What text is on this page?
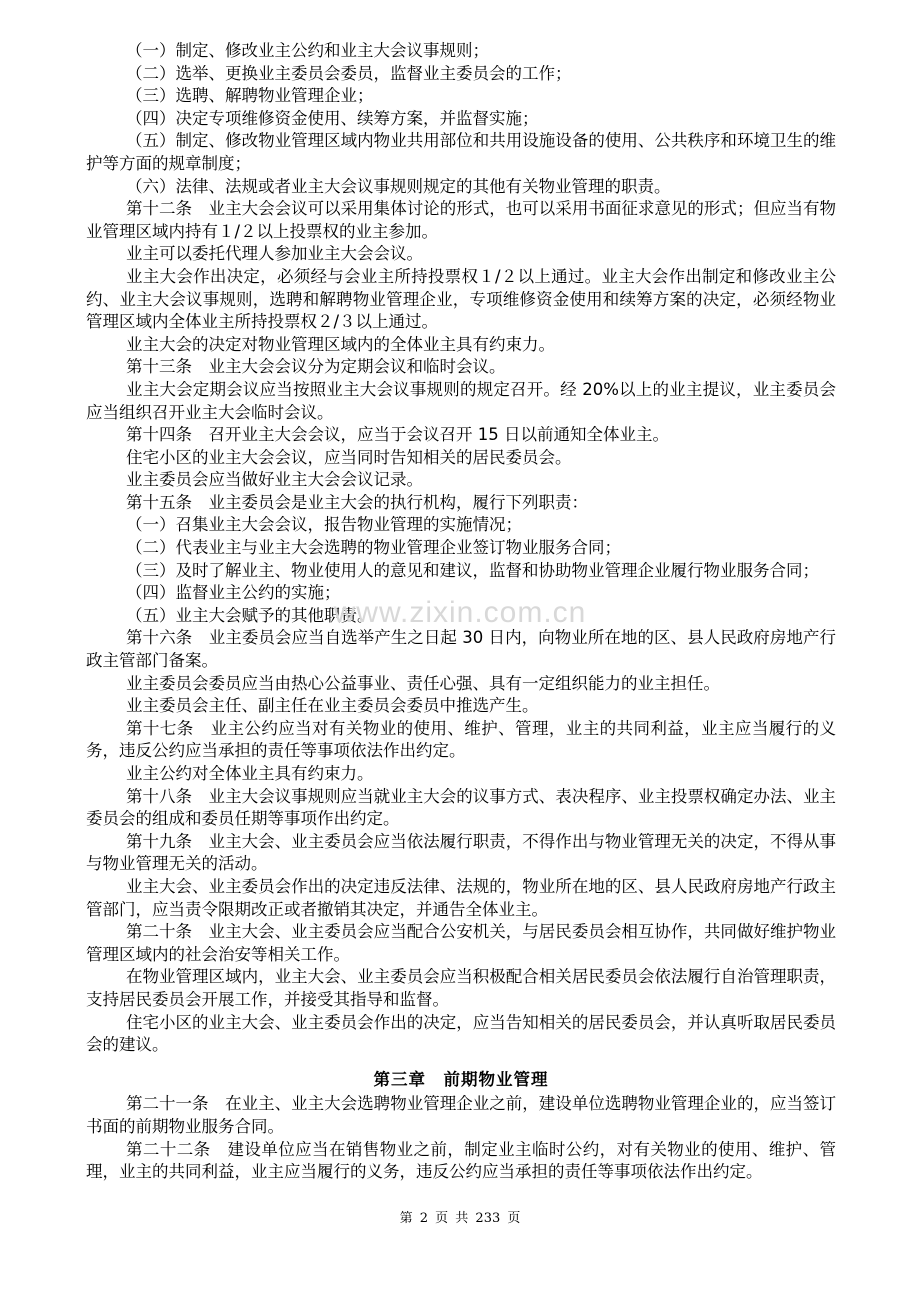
（一）制定、修改业主公约和业主大会议事规则；

（二）选举、更换业主委员会委员，监督业主委员会的工作；

（三）选聘、解聘物业管理企业；

（四）决定专项维修资金使用、续筹方案，并监督实施；

（五）制定、修改物业管理区域内物业共用部位和共用设施设备的使用、公共秩序和环境卫生的维护等方面的规章制度；

（六）法律、法规或者业主大会议事规则规定的其他有关物业管理的职责。

第十二条　业主大会会议可以采用集体讨论的形式，也可以采用书面征求意见的形式；但应当有物业管理区域内持有１/２以上投票权的业主参加。

业主可以委托代理人参加业主大会会议。

业主大会作出决定，必须经与会业主所持投票权１/２以上通过。业主大会作出制定和修改业主公约、业主大会议事规则，选聘和解聘物业管理企业，专项维修资金使用和续筹方案的决定，必须经物业管理区域内全体业主所持投票权２/３以上通过。

业主大会的决定对物业管理区域内的全体业主具有约束力。

第十三条　业主大会会议分为定期会议和临时会议。

业主大会定期会议应当按照业主大会议事规则的规定召开。经 20%以上的业主提议，业主委员会应当组织召开业主大会临时会议。

第十四条　召开业主大会会议，应当于会议召开 15 日以前通知全体业主。

住宅小区的业主大会会议，应当同时告知相关的居民委员会。

业主委员会应当做好业主大会会议记录。

第十五条　业主委员会是业主大会的执行机构，履行下列职责：

（一）召集业主大会会议，报告物业管理的实施情况；

（二）代表业主与业主大会选聘的物业管理企业签订物业服务合同；

（三）及时了解业主、物业使用人的意见和建议，监督和协助物业管理企业履行物业服务合同；

（四）监督业主公约的实施；

（五）业主大会赋予的其他职责。

第十六条　业主委员会应当自选举产生之日起 30 日内，向物业所在地的区、县人民政府房地产行政主管部门备案。

业主委员会委员应当由热心公益事业、责任心强、具有一定组织能力的业主担任。

业主委员会主任、副主任在业主委员会委员中推选产生。

第十七条　业主公约应当对有关物业的使用、维护、管理，业主的共同利益，业主应当履行的义务，违反公约应当承担的责任等事项依法作出约定。

业主公约对全体业主具有约束力。

第十八条　业主大会议事规则应当就业主大会的议事方式、表决程序、业主投票权确定办法、业主委员会的组成和委员任期等事项作出约定。

第十九条　业主大会、业主委员会应当依法履行职责，不得作出与物业管理无关的决定，不得从事与物业管理无关的活动。

业主大会、业主委员会作出的决定违反法律、法规的，物业所在地的区、县人民政府房地产行政主管部门，应当责令限期改正或者撤销其决定，并通告全体业主。

第二十条　业主大会、业主委员会应当配合公安机关，与居民委员会相互协作，共同做好维护物业管理区域内的社会治安等相关工作。

在物业管理区域内，业主大会、业主委员会应当积极配合相关居民委员会依法履行自治管理职责，支持居民委员会开展工作，并接受其指导和监督。

住宅小区的业主大会、业主委员会作出的决定，应当告知相关的居民委员会，并认真听取居民委员会的建议。

第三章　前期物业管理

第二十一条　在业主、业主大会选聘物业管理企业之前，建设单位选聘物业管理企业的，应当签订书面的前期物业服务合同。

第二十二条　建设单位应当在销售物业之前，制定业主临时公约，对有关物业的使用、维护、管理，业主的共同利益，业主应当履行的义务，违反公约应当承担的责任等事项依法作出约定。

www.zixin.com.cn
第 2 页 共 233 页
